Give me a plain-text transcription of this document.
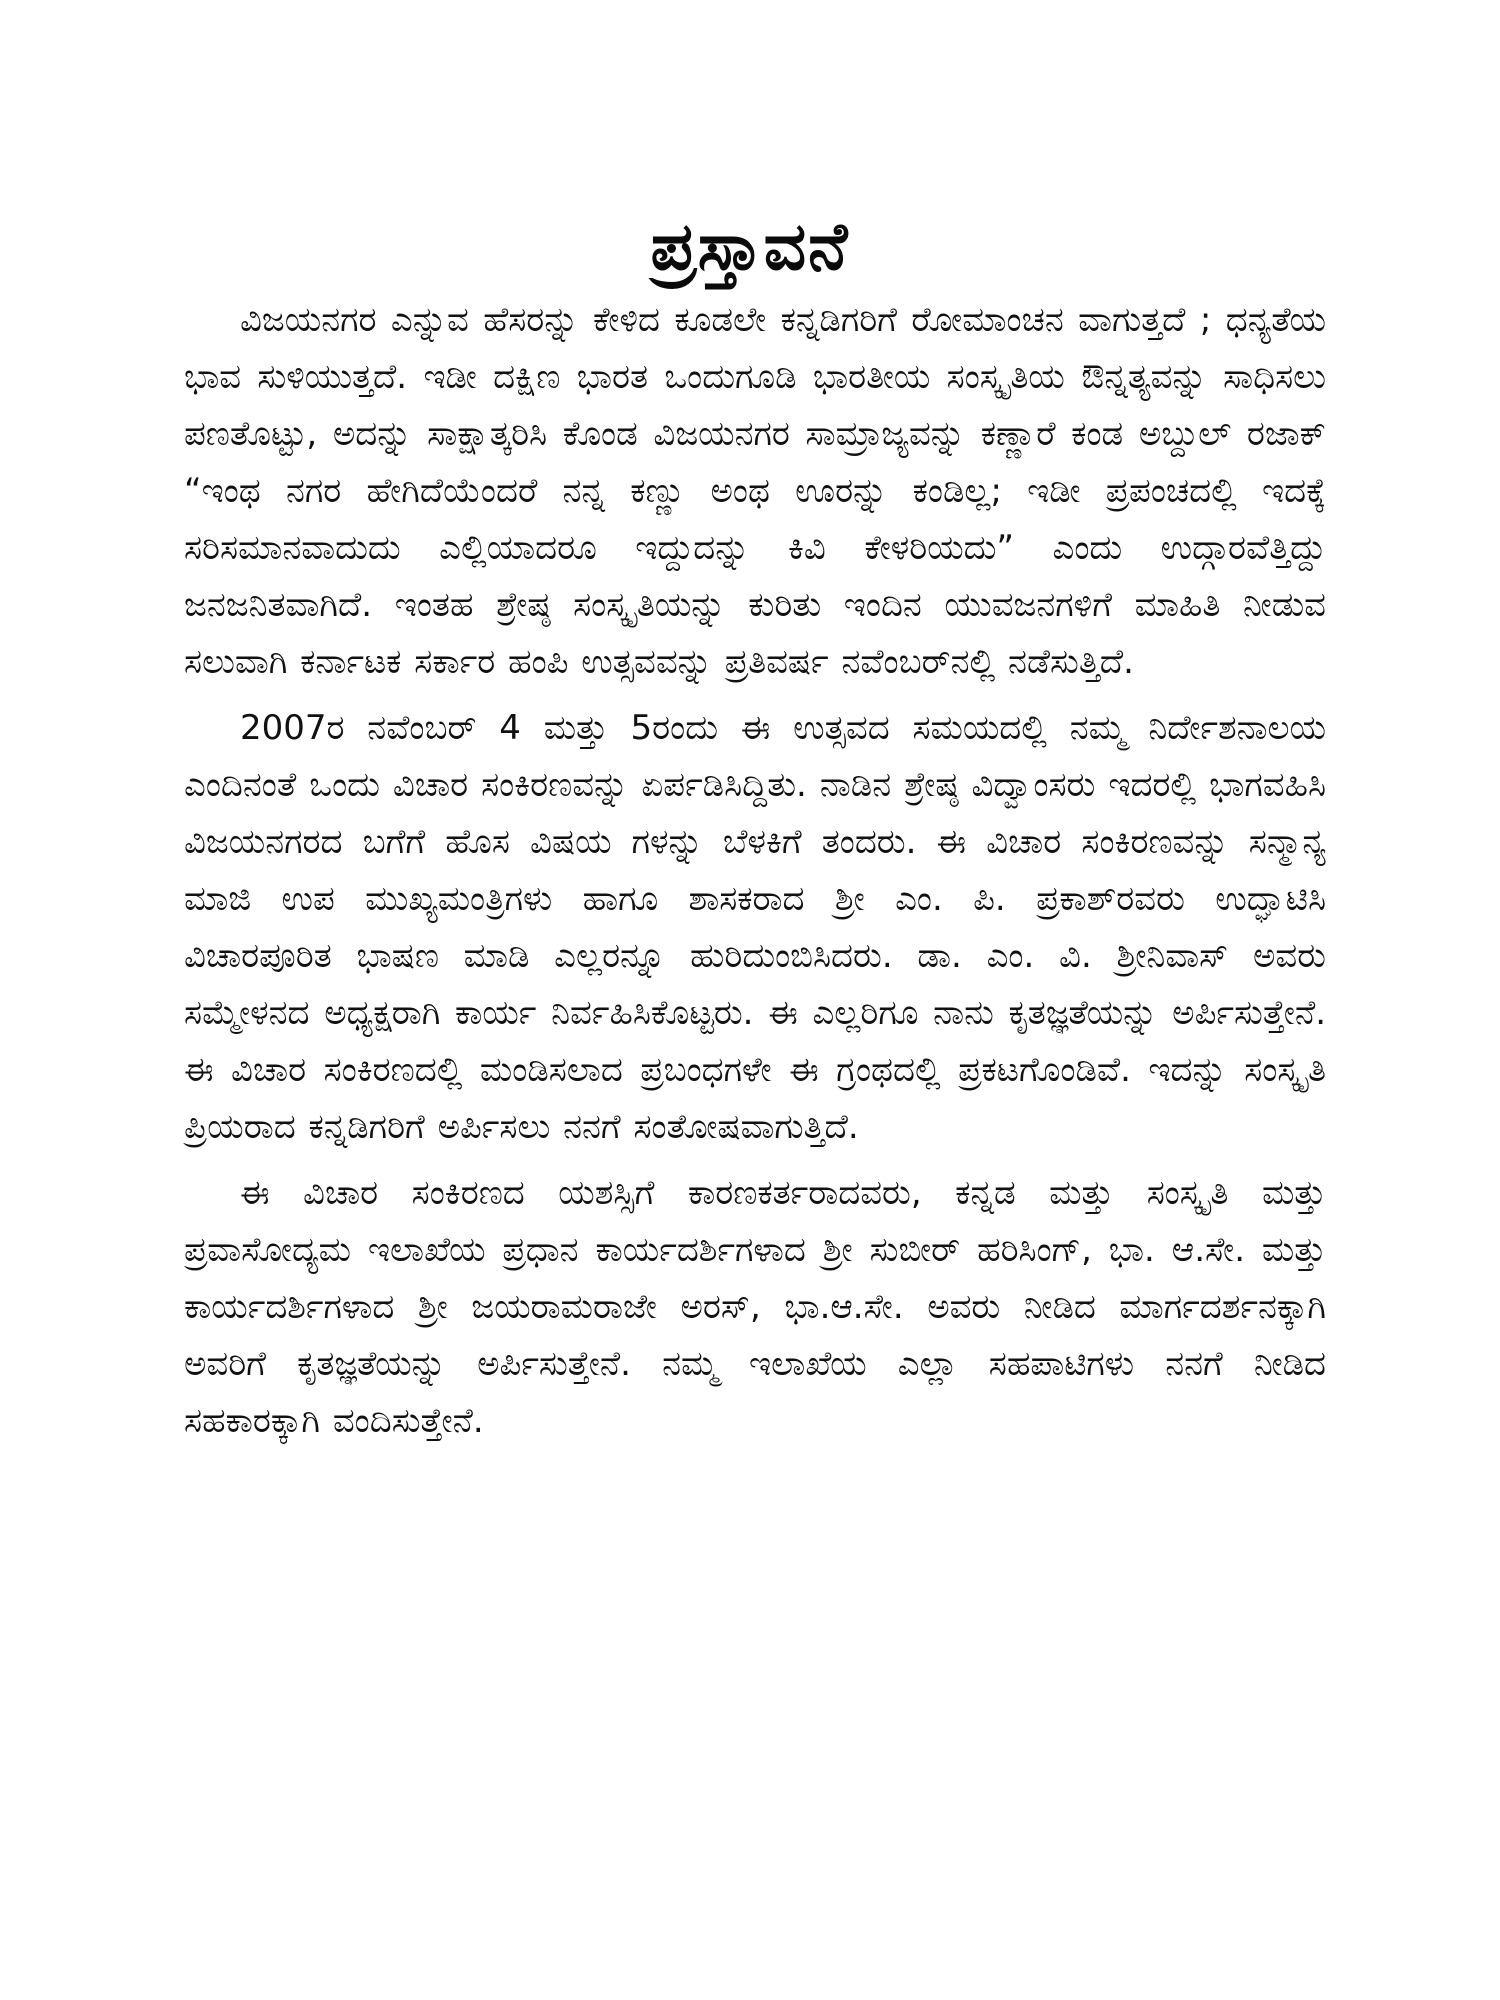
ಪ್ರಸ್ತಾವನೆ

ವಿಜಯನಗರ ಎನ್ನುವ ಹೆಸರನ್ನು ಕೇಳಿದ ಕೂಡಲೇ ಕನ್ನಡಿಗರಿಗೆ ರೋಮಾಂಚನ ವಾಗುತ್ತದೆ ; ಧನ್ಯತೆಯ ಭಾವ ಸುಳಿಯುತ್ತದೆ. ಇಡೀ ದಕ್ಷಿಣ ಭಾರತ ಒಂದುಗೂಡಿ ಭಾರತೀಯ ಸಂಸ್ಕೃತಿಯ ಔನ್ನತ್ಯವನ್ನು ಸಾಧಿಸಲು ಪಣತೊಟ್ಟು, ಅದನ್ನು ಸಾಕ್ಷಾತ್ಕರಿಸಿ ಕೊಂಡ ವಿಜಯನಗರ ಸಾಮ್ರಾಜ್ಯವನ್ನು ಕಣ್ಣಾರೆ ಕಂಡ ಅಬ್ದುಲ್ ರಜಾಕ್ “ಇಂಥ ನಗರ ಹೇಗಿದೆಯೆಂದರೆ ನನ್ನ ಕಣ್ಣು ಅಂಥ ಊರನ್ನು ಕಂಡಿಲ್ಲ; ಇಡೀ ಪ್ರಪಂಚದಲ್ಲಿ ಇದಕ್ಕೆ ಸರಿಸಮಾನವಾದುದು ಎಲ್ಲಿಯಾದರೂ ಇದ್ದುದನ್ನು ಕಿವಿ ಕೇಳರಿಯದು” ಎಂದು ಉದ್ಗಾರವೆತ್ತಿದ್ದು ಜನಜನಿತವಾಗಿದೆ. ಇಂತಹ ಶ್ರೇಷ್ಠ ಸಂಸ್ಕೃತಿಯನ್ನು ಕುರಿತು ಇಂದಿನ ಯುವಜನಗಳಿಗೆ ಮಾಹಿತಿ ನೀಡುವ ಸಲುವಾಗಿ ಕರ್ನಾಟಕ ಸರ್ಕಾರ ಹಂಪಿ ಉತ್ಸವವನ್ನು ಪ್ರತಿವರ್ಷ ನವೆಂಬರ್‌ನಲ್ಲಿ ನಡೆಸುತ್ತಿದೆ.

2007ರ ನವೆಂಬರ್ 4 ಮತ್ತು 5ರಂದು ಈ ಉತ್ಸವದ ಸಮಯದಲ್ಲಿ ನಮ್ಮ ನಿರ್ದೇಶನಾಲಯ ಎಂದಿನಂತೆ ಒಂದು ವಿಚಾರ ಸಂಕಿರಣವನ್ನು ಏರ್ಪಡಿಸಿದ್ದಿತು. ನಾಡಿನ ಶ್ರೇಷ್ಠ ವಿದ್ವಾಂಸರು ಇದರಲ್ಲಿ ಭಾಗವಹಿಸಿ ವಿಜಯನಗರದ ಬಗೆಗೆ ಹೊಸ ವಿಷಯ ಗಳನ್ನು ಬೆಳಕಿಗೆ ತಂದರು. ಈ ವಿಚಾರ ಸಂಕಿರಣವನ್ನು ಸನ್ಮಾನ್ಯ ಮಾಜಿ ಉಪ ಮುಖ್ಯಮಂತ್ರಿಗಳು ಹಾಗೂ ಶಾಸಕರಾದ ಶ್ರೀ ಎಂ. ಪಿ. ಪ್ರಕಾಶ್‌ರವರು ಉದ್ಘಾಟಿಸಿ ವಿಚಾರಪೂರಿತ ಭಾಷಣ ಮಾಡಿ ಎಲ್ಲರನ್ನೂ ಹುರಿದುಂಬಿಸಿದರು. ಡಾ. ಎಂ. ವಿ. ಶ್ರೀನಿವಾಸ್ ಅವರು ಸಮ್ಮೇಳನದ ಅಧ್ಯಕ್ಷರಾಗಿ ಕಾರ್ಯ ನಿರ್ವಹಿಸಿಕೊಟ್ಟರು. ಈ ಎಲ್ಲರಿಗೂ ನಾನು ಕೃತಜ್ಞತೆಯನ್ನು ಅರ್ಪಿಸುತ್ತೇನೆ. ಈ ವಿಚಾರ ಸಂಕಿರಣದಲ್ಲಿ ಮಂಡಿಸಲಾದ ಪ್ರಬಂಧಗಳೇ ಈ ಗ್ರಂಥದಲ್ಲಿ ಪ್ರಕಟಗೊಂಡಿವೆ. ಇದನ್ನು ಸಂಸ್ಕೃತಿ ಪ್ರಿಯರಾದ ಕನ್ನಡಿಗರಿಗೆ ಅರ್ಪಿಸಲು ನನಗೆ ಸಂತೋಷವಾಗುತ್ತಿದೆ.

ಈ ವಿಚಾರ ಸಂಕಿರಣದ ಯಶಸ್ಸಿಗೆ ಕಾರಣಕರ್ತರಾದವರು, ಕನ್ನಡ ಮತ್ತು ಸಂಸ್ಕೃತಿ ಮತ್ತು ಪ್ರವಾಸೋದ್ಯಮ ಇಲಾಖೆಯ ಪ್ರಧಾನ ಕಾರ್ಯದರ್ಶಿಗಳಾದ ಶ್ರೀ ಸುಬೀರ್ ಹರಿಸಿಂಗ್, ಭಾ. ಆ.ಸೇ. ಮತ್ತು ಕಾರ್ಯದರ್ಶಿಗಳಾದ ಶ್ರೀ ಜಯರಾಮರಾಜೇ ಅರಸ್, ಭಾ.ಆ.ಸೇ. ಅವರು ನೀಡಿದ ಮಾರ್ಗದರ್ಶನಕ್ಕಾಗಿ ಅವರಿಗೆ ಕೃತಜ್ಞತೆಯನ್ನು ಅರ್ಪಿಸುತ್ತೇನೆ. ನಮ್ಮ ಇಲಾಖೆಯ ಎಲ್ಲಾ ಸಹಪಾಟಿಗಳು ನನಗೆ ನೀಡಿದ ಸಹಕಾರಕ್ಕಾಗಿ ವಂದಿಸುತ್ತೇನೆ.
